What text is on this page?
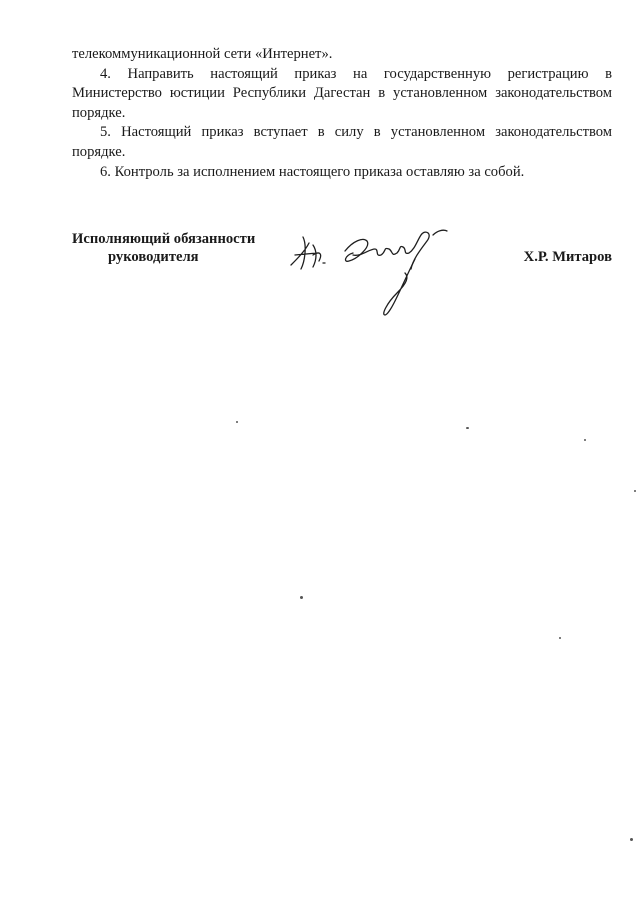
телекоммуникационной сети «Интернет».

4. Направить настоящий приказ на государственную регистрацию в Министерство юстиции Республики Дагестан в установленном законодательством порядке.

5. Настоящий приказ вступает в силу в установленном законодательством порядке.

6. Контроль за исполнением настоящего приказа оставляю за собой.

Исполняющий обязанности
руководителя	Х.Р. Митаров
